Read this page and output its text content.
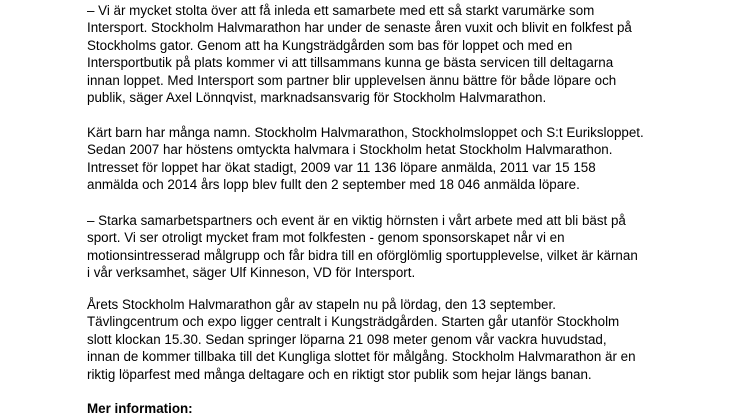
– Vi är mycket stolta över att få inleda ett samarbete med ett så starkt varumärke som
Intersport. Stockholm Halvmarathon har under de senaste åren vuxit och blivit en folkfest på
Stockholms gator. Genom att ha Kungsträdgården som bas för loppet och med en
Intersportbutik på plats kommer vi att tillsammans kunna ge bästa servicen till deltagarna
innan loppet. Med Intersport som partner blir upplevelsen ännu bättre för både löpare och
publik, säger Axel Lönnqvist, marknadsansvarig för Stockholm Halvmarathon.

Kärt barn har många namn. Stockholm Halvmarathon, Stockholmsloppet och S:t Euriksloppet.
Sedan 2007 har höstens omtyckta halvmara i Stockholm hetat Stockholm Halvmarathon.
Intresset för loppet har ökat stadigt, 2009 var 11 136 löpare anmälda, 2011 var 15 158
anmälda och 2014 års lopp blev fullt den 2 september med 18 046 anmälda löpare.

– Starka samarbetspartners och event är en viktig hörnsten i vårt arbete med att bli bäst på
sport. Vi ser otroligt mycket fram mot folkfesten - genom sponsorskapet når vi en
motionsintresserad målgrupp och får bidra till en oförglömlig sportupplevelse, vilket är kärnan
i vår verksamhet, säger Ulf Kinneson, VD för Intersport.

Årets Stockholm Halvmarathon går av stapeln nu på lördag, den 13 september.
Tävlingcentrum och expo ligger centralt i Kungsträdgården. Starten går utanför Stockholm
slott klockan 15.30. Sedan springer löparna 21 098 meter genom vår vackra huvudstad,
innan de kommer tillbaka till det Kungliga slottet för målgång. Stockholm Halvmarathon är en
riktig löparfest med många deltagare och en riktigt stor publik som hejar längs banan.

Mer information:
